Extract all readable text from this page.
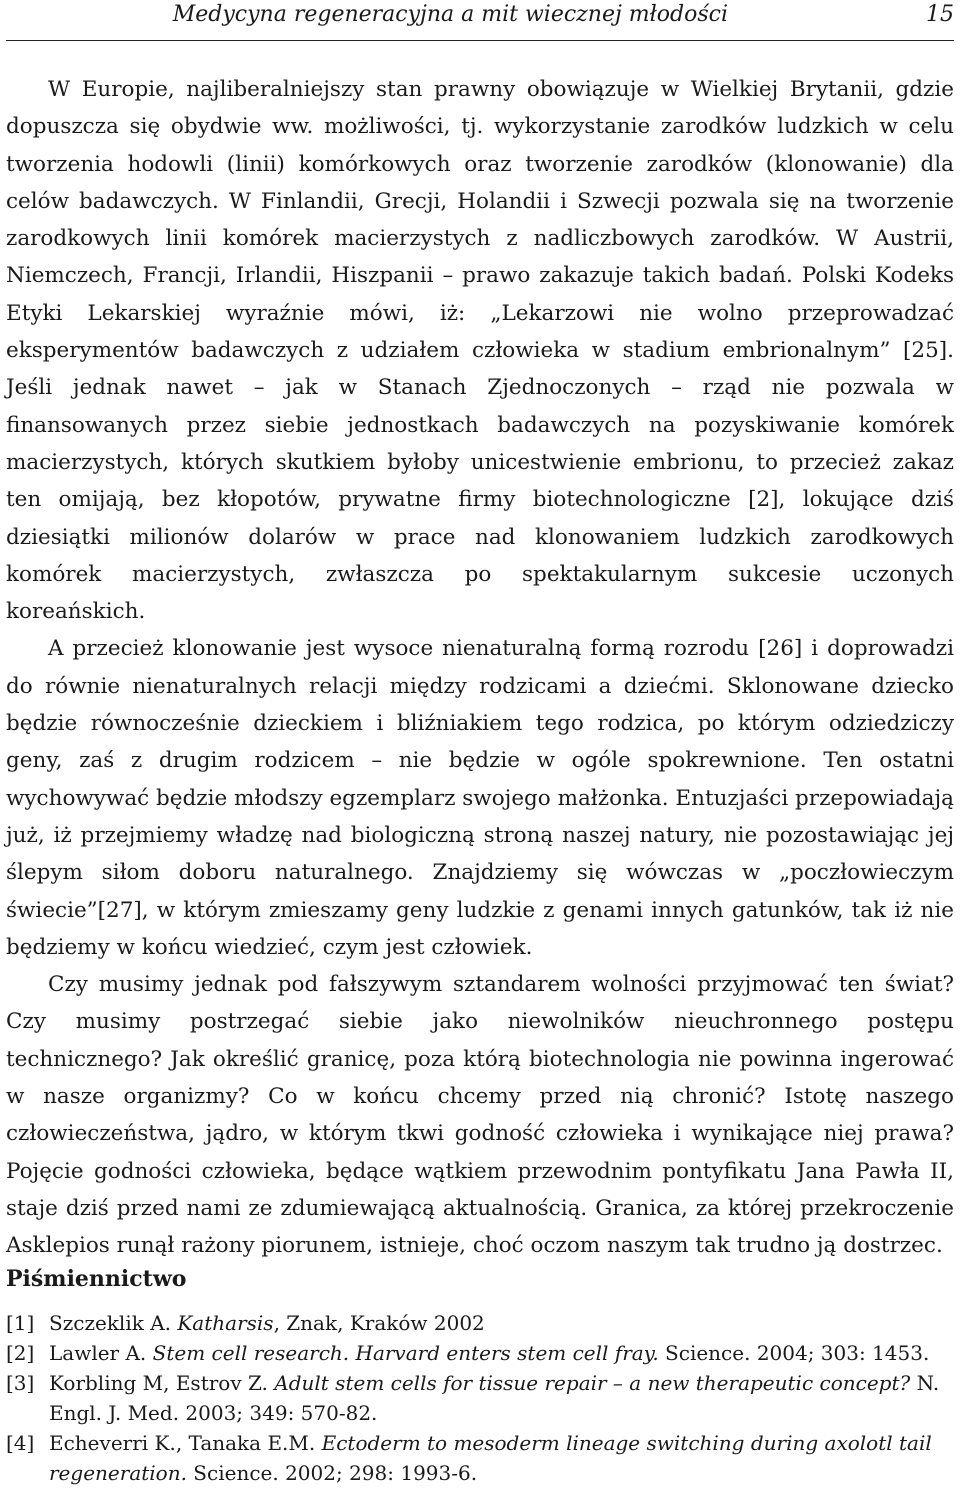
Medycyna regeneracyjna a mit wiecznej młodości	15

W Europie, najliberalniejszy stan prawny obowiązuje w Wielkiej Brytanii, gdzie dopuszcza się obydwie ww. możliwości, tj. wykorzystanie zarodków ludzkich w celu tworzenia hodowli (linii) komórkowych oraz tworzenie zarodków (klonowanie) dla celów badawczych. W Finlandii, Grecji, Holandii i Szwecji pozwala się na tworzenie zarodkowych linii komórek macierzystych z nadliczbowych zarodków. W Austrii, Niemczech, Francji, Irlandii, Hiszpanii – prawo zakazuje takich badań. Polski Kodeks Etyki Lekarskiej wyraźnie mówi, iż: „Lekarzowi nie wolno przeprowadzać eksperymentów badawczych z udziałem człowieka w stadium embrionalnym” [25]. Jeśli jednak nawet – jak w Stanach Zjednoczonych – rząd nie pozwala w finansowanych przez siebie jednostkach badawczych na pozyskiwanie komórek macierzystych, których skutkiem byłoby unicestwienie embrionu, to przecież zakaz ten omijają, bez kłopotów, prywatne firmy biotechnologiczne [2], lokujące dziś dziesiątki milionów dolarów w prace nad klonowaniem ludzkich zarodkowych komórek macierzystych, zwłaszcza po spektakularnym sukcesie uczonych koreańskich.

A przecież klonowanie jest wysoce nienaturalną formą rozrodu [26] i doprowadzi do równie nienaturalnych relacji między rodzicami a dziećmi. Sklonowane dziecko będzie równocześnie dzieckiem i bliźniakiem tego rodzica, po którym odziedziczy geny, zaś z drugim rodzicem – nie będzie w ogóle spokrewnione. Ten ostatni wychowywać będzie młodszy egzemplarz swojego małżonka. Entuzjaści przepowiadają już, iż przejmiemy władzę nad biologiczną stroną naszej natury, nie pozostawiając jej ślepym siłom doboru naturalnego. Znajdziemy się wówczas w „poczłowieczym świecie”[27], w którym zmieszamy geny ludzkie z genami innych gatunków, tak iż nie będziemy w końcu wiedzieć, czym jest człowiek.

Czy musimy jednak pod fałszywym sztandarem wolności przyjmować ten świat? Czy musimy postrzegać siebie jako niewolników nieuchronnego postępu technicznego? Jak określić granicę, poza którą biotechnologia nie powinna ingerować w nasze organizmy? Co w końcu chcemy przed nią chronić? Istotę naszego człowieczeństwa, jądro, w którym tkwi godność człowieka i wynikające niej prawa? Pojęcie godności człowieka, będące wątkiem przewodnim pontyfikatu Jana Pawła II, staje dziś przed nami ze zdumiewającą aktualnością. Granica, za której przekroczenie Asklepios runął rażony piorunem, istnieje, choć oczom naszym tak trudno ją dostrzec.

Piśmiennictwo
[1] Szczeklik A. Katharsis, Znak, Kraków 2002
[2] Lawler A. Stem cell research. Harvard enters stem cell fray. Science. 2004; 303: 1453.
[3] Korbling M, Estrov Z. Adult stem cells for tissue repair – a new therapeutic concept? N. Engl. J. Med. 2003; 349: 570-82.
[4] Echeverri K., Tanaka E.M. Ectoderm to mesoderm lineage switching during axolotl tail regeneration. Science. 2002; 298: 1993-6.
